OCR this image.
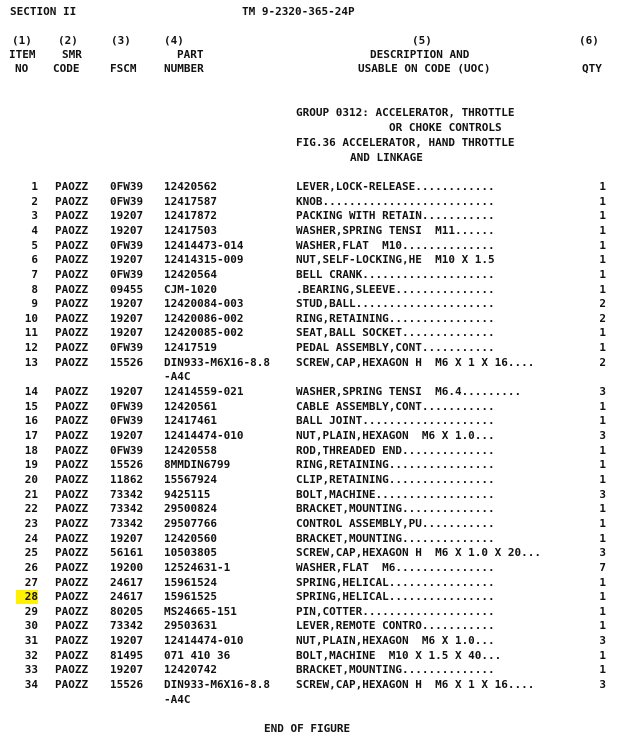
SECTION II	TM 9-2320-365-24P
(1) (2)	(3)	(4)	(5)	(6)
ITEM SMR	PART	DESCRIPTION AND
NO CODE	FSCM	NUMBER	USABLE ON CODE (UOC)	QTY
GROUP 0312: ACCELERATOR, THROTTLE
OR CHOKE CONTROLS
FIG.36 ACCELERATOR, HAND THROTTLE
AND LINKAGE
1 PAOZZ 0FW39 12420562	LEVER,LOCK-RELEASE............	1
2 PAOZZ 0FW39 12417587	KNOB..........................	1
3 PAOZZ 19207 12417872	PACKING WITH RETAIN...........	1
4 PAOZZ 19207 12417503	WASHER,SPRING TENSI  M11......	1
5 PAOZZ 0FW39 12414473-014	WASHER,FLAT  M10..............	1
6 PAOZZ 19207 12414315-009	NUT,SELF-LOCKING,HE  M10 X 1.5	1
7 PAOZZ 0FW39 12420564	BELL CRANK....................	1
8 PAOZZ 09455 CJM-1020	.BEARING,SLEEVE...............	1
9 PAOZZ 19207 12420084-003	STUD,BALL.....................	2
10 PAOZZ 19207 12420086-002	RING,RETAINING................	2
11 PAOZZ 19207 12420085-002	SEAT,BALL SOCKET..............	1
12 PAOZZ 0FW39 12417519	PEDAL ASSEMBLY,CONT...........	1
13 PAOZZ 15526 DIN933-M6X16-8.8 SCREW,CAP,HEXAGON H  M6 X 1 X 16....	2
-A4C
14 PAOZZ 19207 12414559-021	WASHER,SPRING TENSI  M6.4.........	3
15 PAOZZ 0FW39 12420561	CABLE ASSEMBLY,CONT...........	1
16 PAOZZ 0FW39 12417461	BALL JOINT....................	1
17 PAOZZ 19207 12414474-010	NUT,PLAIN,HEXAGON  M6 X 1.0...	3
18 PAOZZ 0FW39 12420558	ROD,THREADED END..............	1
19 PAOZZ 15526 8MMDIN6799	RING,RETAINING................	1
20 PAOZZ 11862 15567924	CLIP,RETAINING................	1
21 PAOZZ 73342 9425115	BOLT,MACHINE..................	3
22 PAOZZ 73342 29500824	BRACKET,MOUNTING..............	1
23 PAOZZ 73342 29507766	CONTROL ASSEMBLY,PU...........	1
24 PAOZZ 19207 12420560	BRACKET,MOUNTING..............	1
25 PAOZZ 56161 10503805	SCREW,CAP,HEXAGON H  M6 X 1.0 X 20...	3
26 PAOZZ 19200 12524631-1	WASHER,FLAT  M6...............	7
27 PAOZZ 24617 15961524	SPRING,HELICAL................	1
28 PAOZZ 24617 15961525	SPRING,HELICAL................	1
29 PAOZZ 80205 MS24665-151	PIN,COTTER....................	1
30 PAOZZ 73342 29503631	LEVER,REMOTE CONTRO...........	1
31 PAOZZ 19207 12414474-010	NUT,PLAIN,HEXAGON  M6 X 1.0...	3
32 PAOZZ 81495 071 410 36	BOLT,MACHINE  M10 X 1.5 X 40...	1
33 PAOZZ 19207 12420742	BRACKET,MOUNTING..............	1
34 PAOZZ 15526 DIN933-M6X16-8.8 SCREW,CAP,HEXAGON H  M6 X 1 X 16....	3
-A4C
END OF FIGURE
